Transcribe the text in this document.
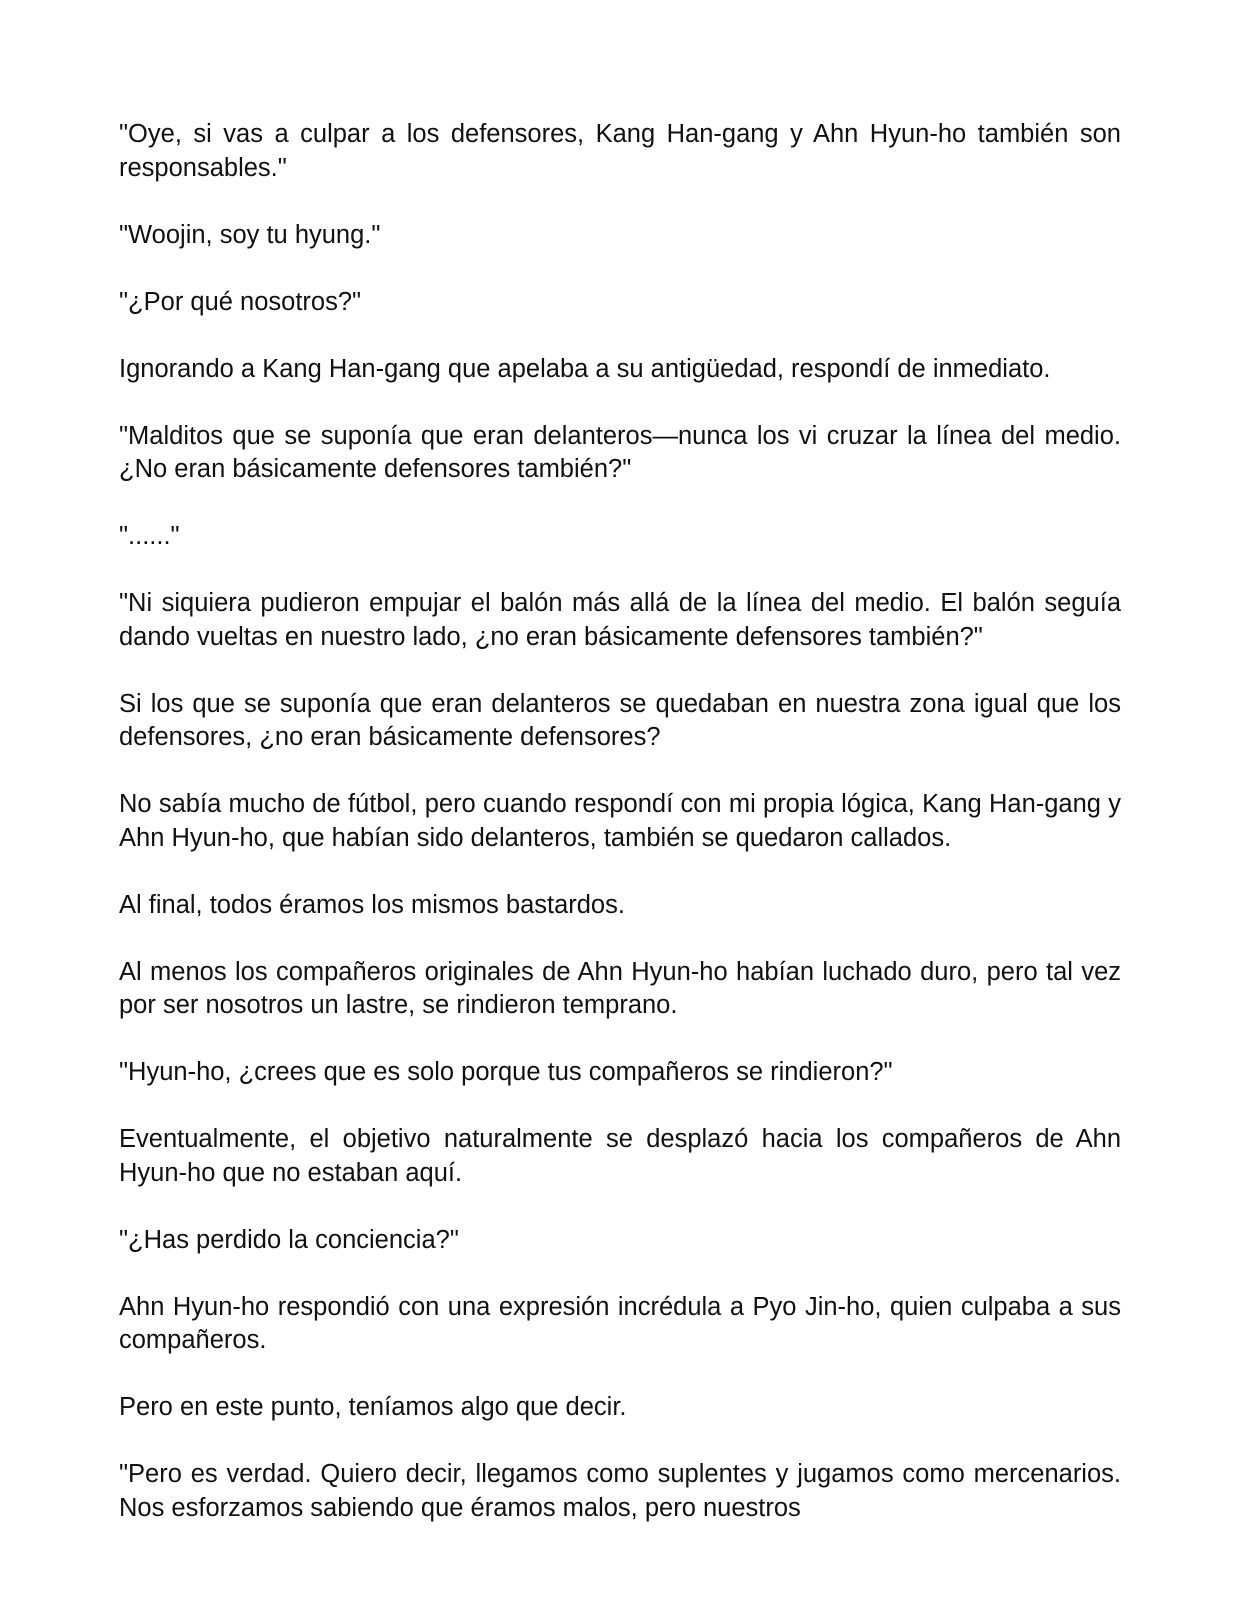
"Oye, si vas a culpar a los defensores, Kang Han-gang y Ahn Hyun-ho también son responsables."

"Woojin, soy tu hyung."

"¿Por qué nosotros?"

Ignorando a Kang Han-gang que apelaba a su antigüedad, respondí de inmediato.

"Malditos que se suponía que eran delanteros—nunca los vi cruzar la línea del medio. ¿No eran básicamente defensores también?"

"......"

"Ni siquiera pudieron empujar el balón más allá de la línea del medio. El balón seguía dando vueltas en nuestro lado, ¿no eran básicamente defensores también?"

Si los que se suponía que eran delanteros se quedaban en nuestra zona igual que los defensores, ¿no eran básicamente defensores?

No sabía mucho de fútbol, pero cuando respondí con mi propia lógica, Kang Han-gang y Ahn Hyun-ho, que habían sido delanteros, también se quedaron callados.

Al final, todos éramos los mismos bastardos.

Al menos los compañeros originales de Ahn Hyun-ho habían luchado duro, pero tal vez por ser nosotros un lastre, se rindieron temprano.

"Hyun-ho, ¿crees que es solo porque tus compañeros se rindieron?"

Eventualmente, el objetivo naturalmente se desplazó hacia los compañeros de Ahn Hyun-ho que no estaban aquí.

"¿Has perdido la conciencia?"

Ahn Hyun-ho respondió con una expresión incrédula a Pyo Jin-ho, quien culpaba a sus compañeros.

Pero en este punto, teníamos algo que decir.

"Pero es verdad. Quiero decir, llegamos como suplentes y jugamos como mercenarios. Nos esforzamos sabiendo que éramos malos, pero nuestros
